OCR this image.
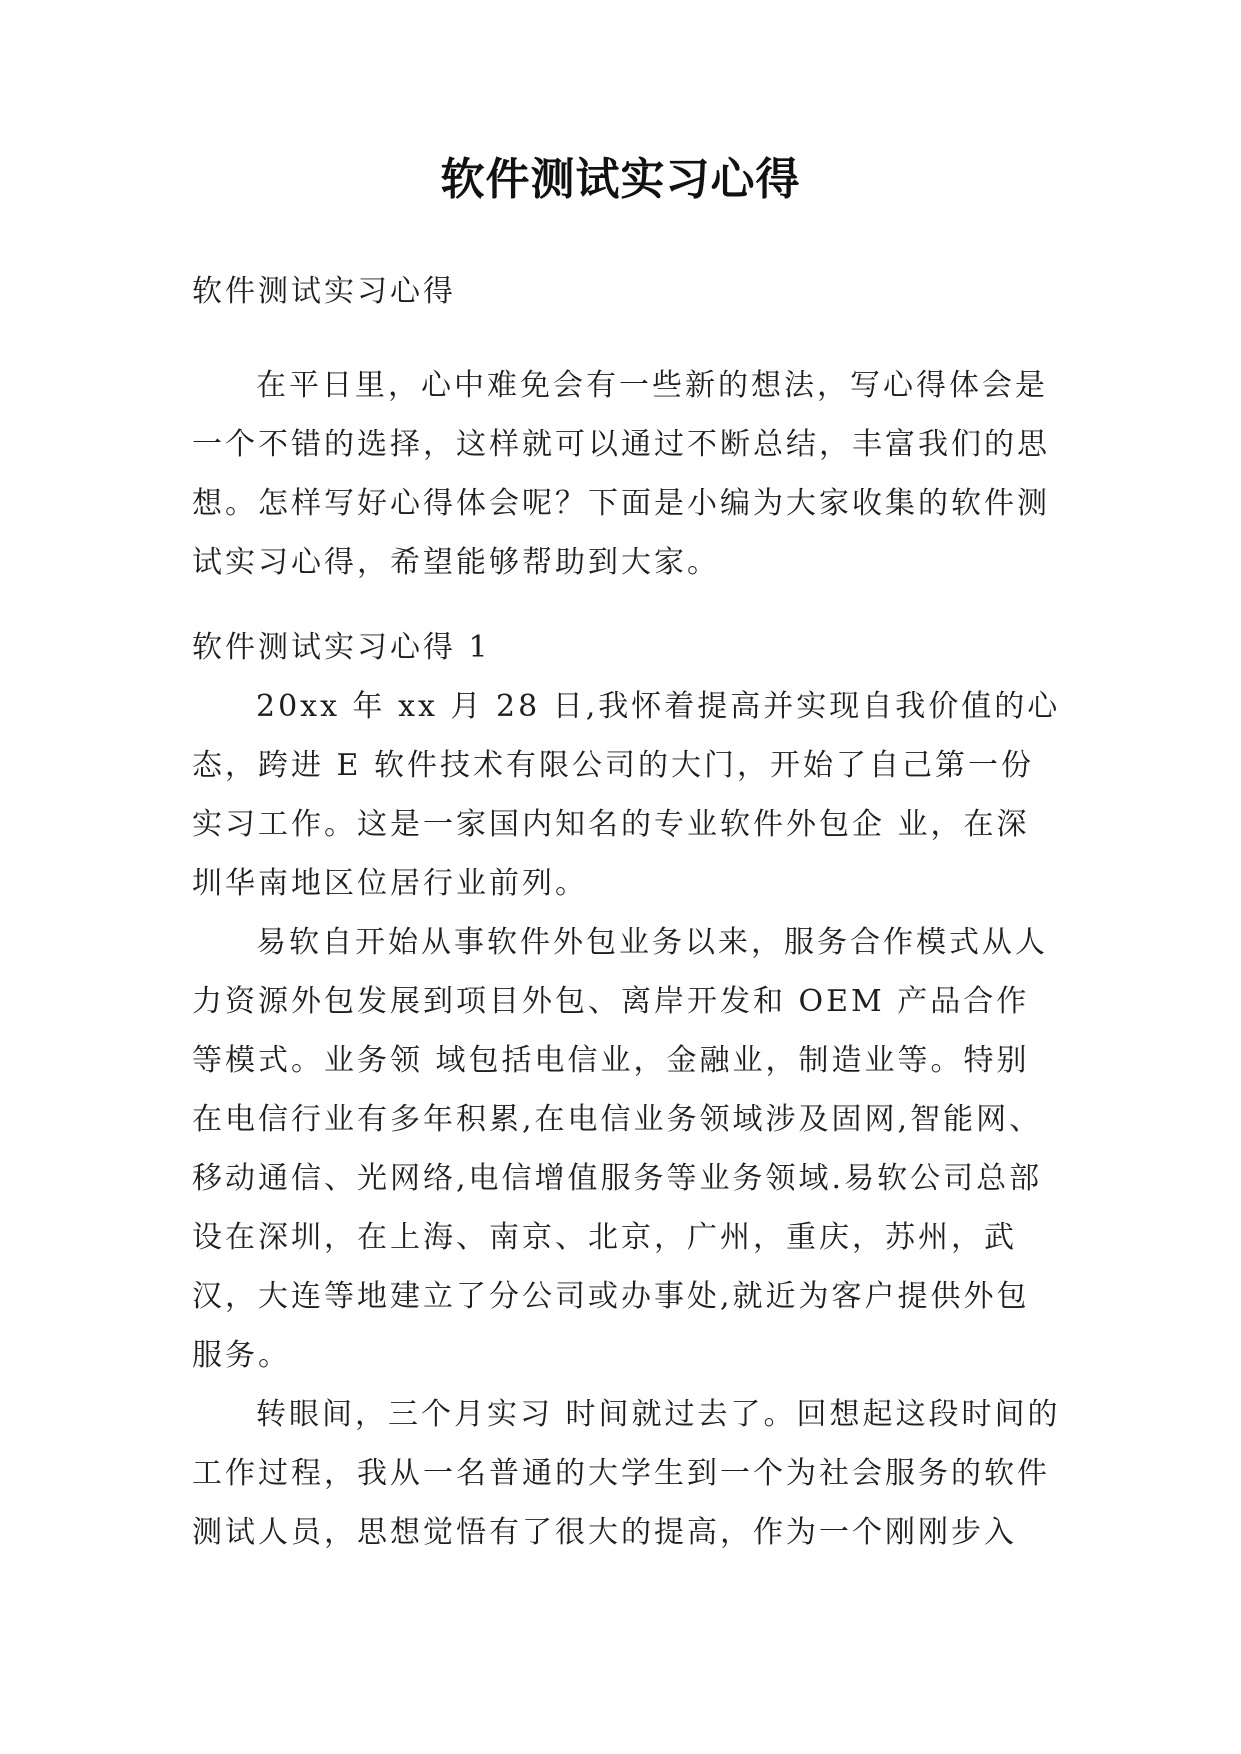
软件测试实习心得

软件测试实习心得

在平日里，心中难免会有一些新的想法，写心得体会是一个不错的选择，这样就可以通过不断总结，丰富我们的思想。怎样写好心得体会呢？下面是小编为大家收集的软件测试实习心得，希望能够帮助到大家。

软件测试实习心得 1

20xx 年 xx 月 28 日,我怀着提高并实现自我价值的心态，跨进 E 软件技术有限公司的大门，开始了自己第一份实习工作。这是一家国内知名的专业软件外包企 业，在深圳华南地区位居行业前列。

易软自开始从事软件外包业务以来，服务合作模式从人力资源外包发展到项目外包、离岸开发和 OEM 产品合作等模式。业务领 域包括电信业，金融业，制造业等。特别在电信行业有多年积累,在电信业务领域涉及固网,智能网、移动通信、光网络,电信增值服务等业务领域.易软公司总部 设在深圳，在上海、南京、北京，广州，重庆，苏州，武汉，大连等地建立了分公司或办事处,就近为客户提供外包服务。

转眼间，三个月实习 时间就过去了。回想起这段时间的工作过程，我从一名普通的大学生到一个为社会服务的软件测试人员，思想觉悟有了很大的提高，作为一个刚刚步入
